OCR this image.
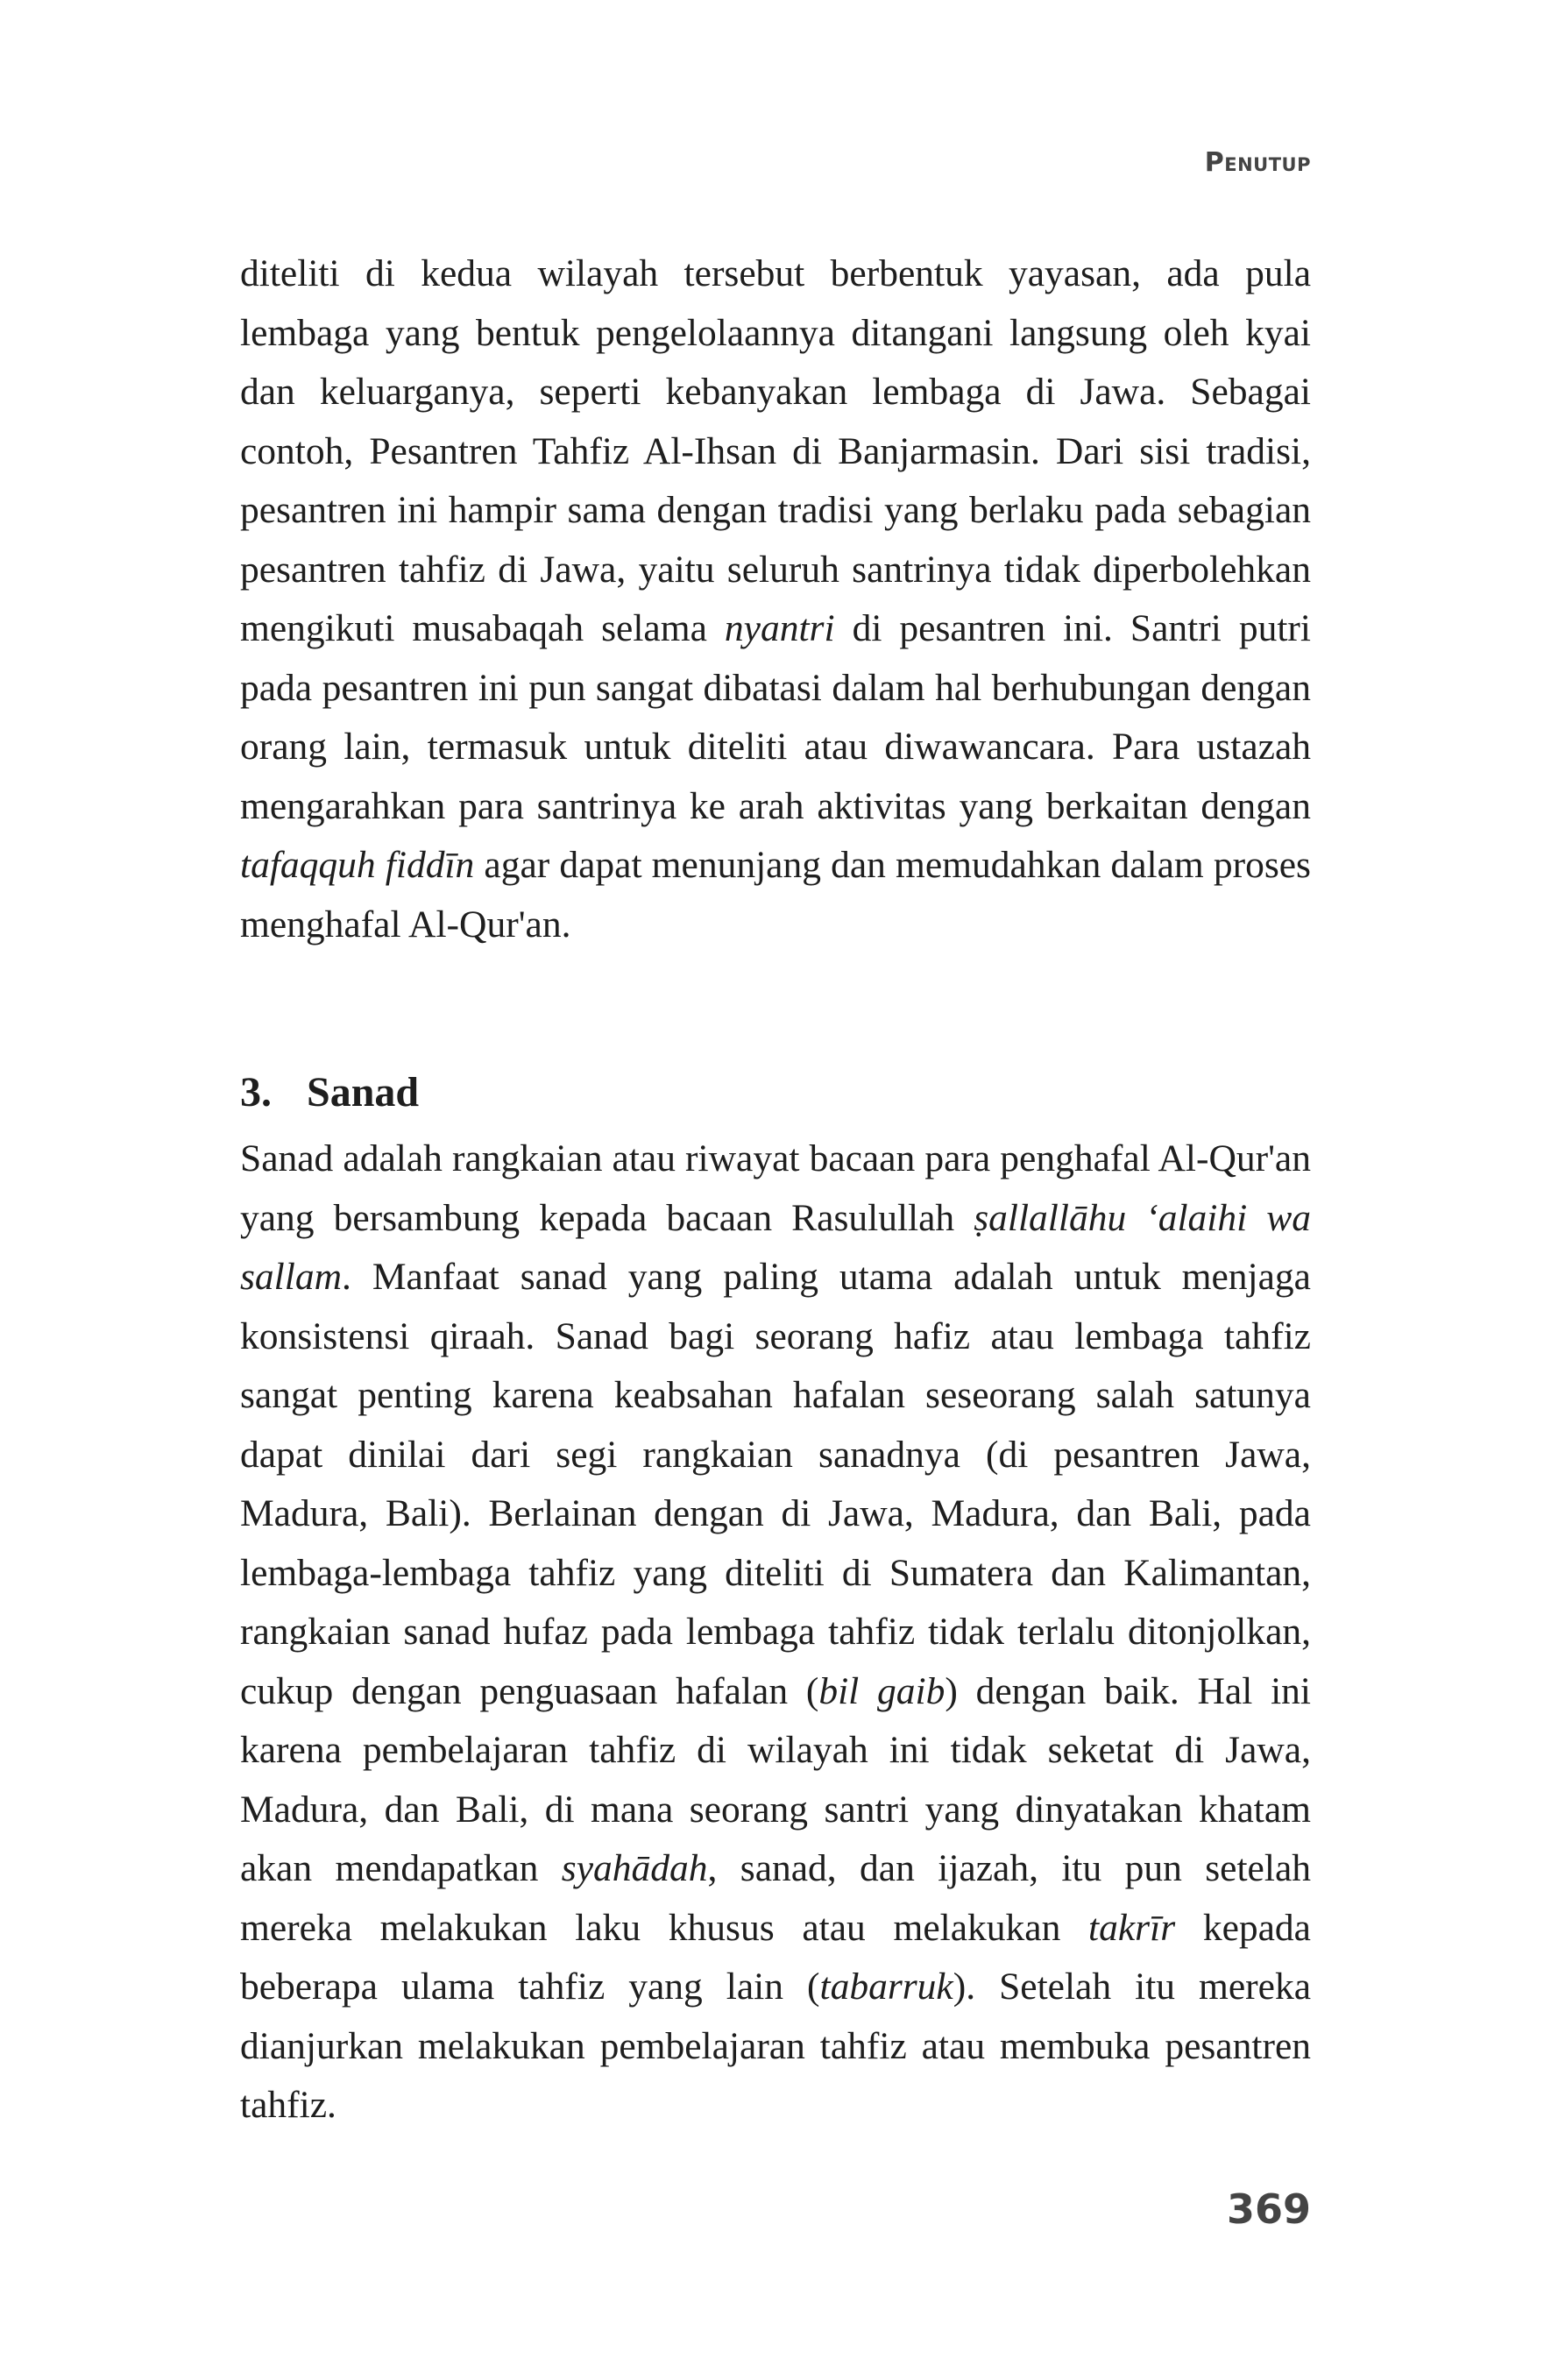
Penutup

diteliti di kedua wilayah tersebut berbentuk yayasan, ada pula lembaga yang bentuk pengelolaannya ditangani langsung oleh kyai dan keluarganya, seperti kebanyakan lembaga di Jawa. Sebagai contoh, Pesantren Tahfiz Al-Ihsan di Banjarmasin. Dari sisi tradisi, pesantren ini hampir sama dengan tradisi yang berlaku pada sebagian pesantren tahfiz di Jawa, yaitu seluruh santrinya tidak diperbolehkan mengikuti musabaqah selama nyantri di pesantren ini. Santri putri pada pesantren ini pun sangat dibatasi dalam hal berhubungan dengan orang lain, termasuk untuk diteliti atau diwawancara. Para ustazah mengarahkan para santrinya ke arah aktivitas yang berkaitan dengan tafaqquh fiddīn agar dapat menunjang dan memudahkan dalam proses menghafal Al-Qur'an.

3. Sanad

Sanad adalah rangkaian atau riwayat bacaan para penghafal Al-Qur'an yang bersambung kepada bacaan Rasulullah ṣallallāhu ‘alaihi wa sallam. Manfaat sanad yang paling utama adalah untuk menjaga konsistensi qiraah. Sanad bagi seorang hafiz atau lembaga tahfiz sangat penting karena keabsahan hafalan seseorang salah satunya dapat dinilai dari segi rangkaian sanadnya (di pesantren Jawa, Madura, Bali). Berlainan dengan di Jawa, Madura, dan Bali, pada lembaga-lembaga tahfiz yang diteliti di Sumatera dan Kalimantan, rangkaian sanad hufaz pada lembaga tahfiz tidak terlalu ditonjolkan, cukup dengan penguasaan hafalan (bil gaib) dengan baik. Hal ini karena pembelajaran tahfiz di wilayah ini tidak seketat di Jawa, Madura, dan Bali, di mana seorang santri yang dinyatakan khatam akan mendapatkan syahādah, sanad, dan ijazah, itu pun setelah mereka melakukan laku khusus atau melakukan takrīr kepada beberapa ulama tahfiz yang lain (tabarruk). Setelah itu mereka dianjurkan melakukan pembelajaran tahfiz atau membuka pesantren tahfiz.

369
